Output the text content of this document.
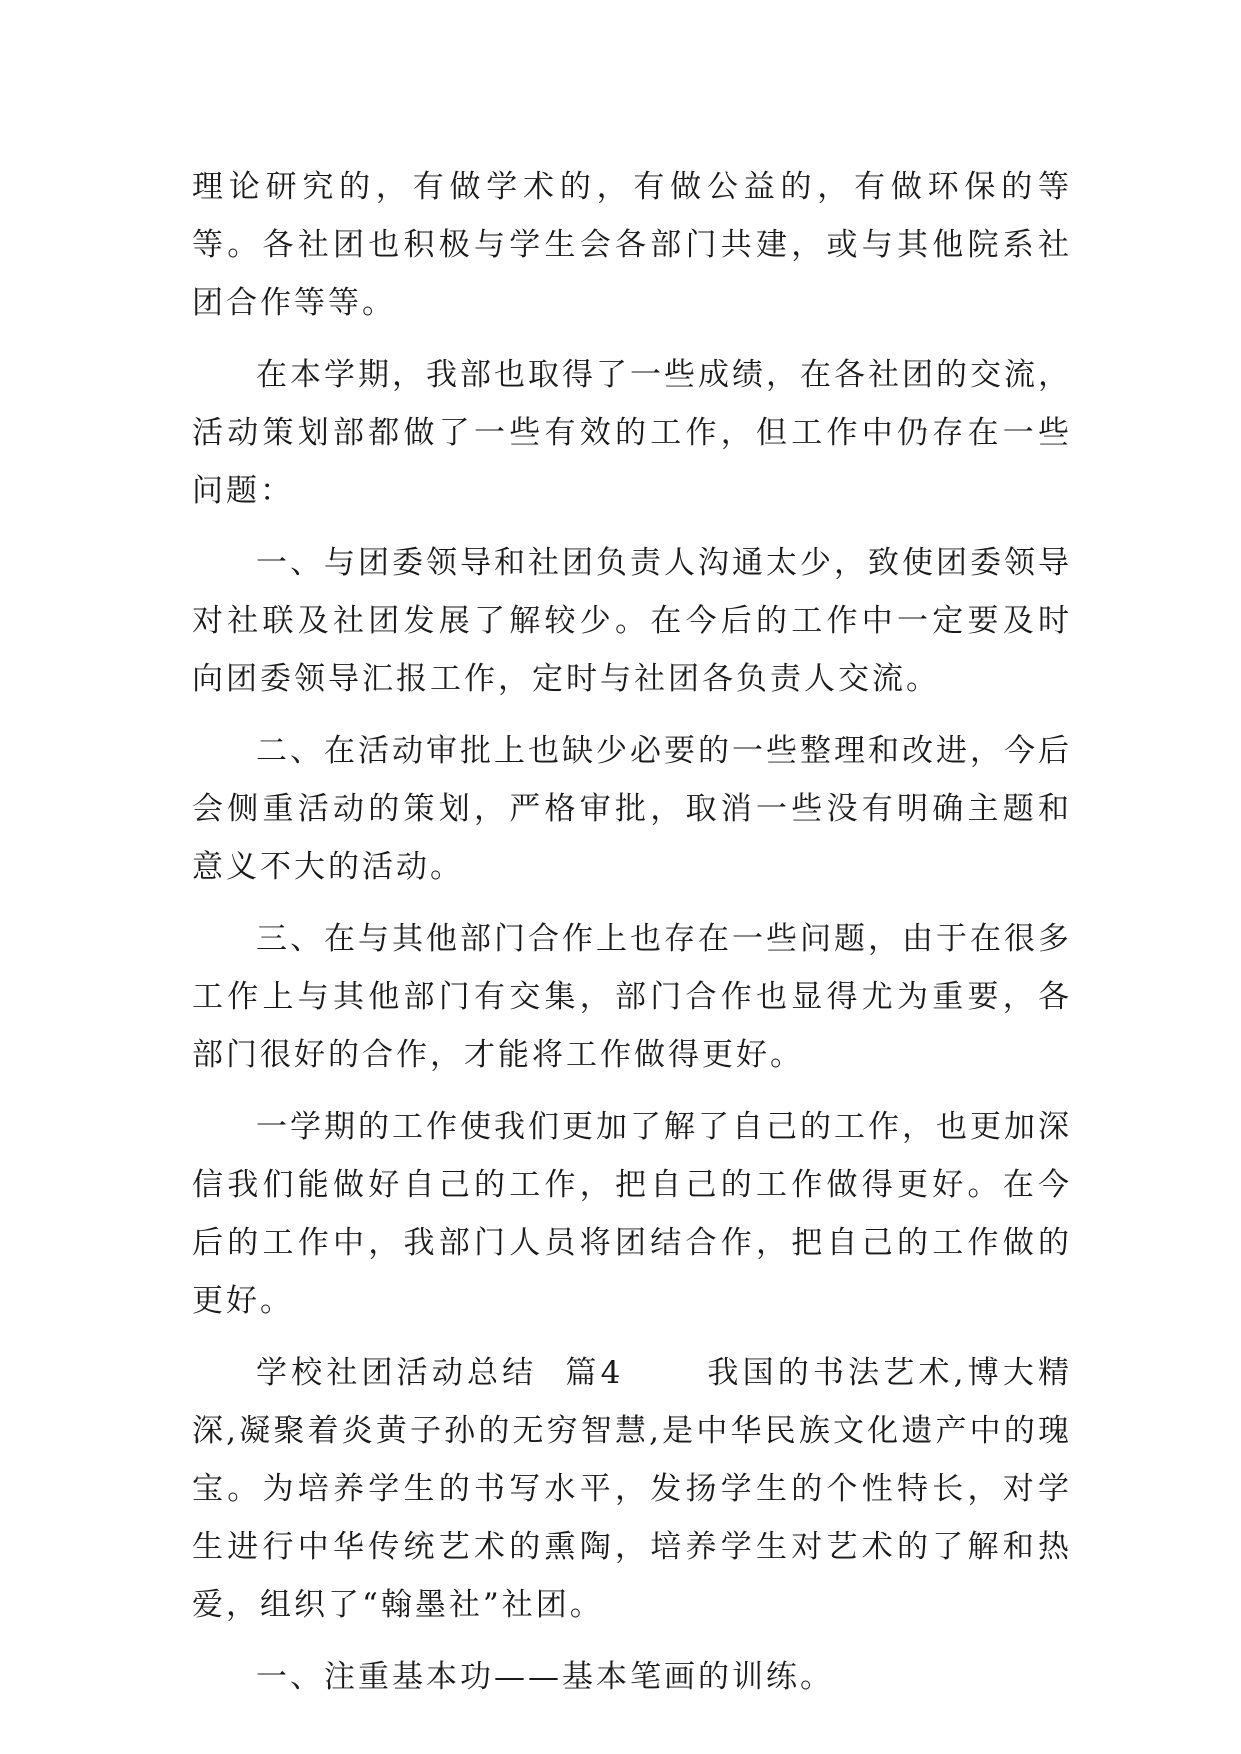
理论研究的，有做学术的，有做公益的，有做环保的等等。各社团也积极与学生会各部门共建，或与其他院系社团合作等等。

在本学期，我部也取得了一些成绩，在各社团的交流，活动策划部都做了一些有效的工作，但工作中仍存在一些问题：

一、与团委领导和社团负责人沟通太少，致使团委领导对社联及社团发展了解较少。在今后的工作中一定要及时向团委领导汇报工作，定时与社团各负责人交流。

二、在活动审批上也缺少必要的一些整理和改进，今后会侧重活动的策划，严格审批，取消一些没有明确主题和意义不大的活动。

三、在与其他部门合作上也存在一些问题，由于在很多工作上与其他部门有交集，部门合作也显得尤为重要，各部门很好的合作，才能将工作做得更好。

一学期的工作使我们更加了解了自己的工作，也更加深信我们能做好自己的工作，把自己的工作做得更好。在今后的工作中，我部门人员将团结合作，把自己的工作做的更好。

学校社团活动总结  篇4      我国的书法艺术,博大精深,凝聚着炎黄子孙的无穷智慧,是中华民族文化遗产中的瑰宝。为培养学生的书写水平，发扬学生的个性特长，对学生进行中华传统艺术的熏陶，培养学生对艺术的了解和热爱，组织了“翰墨社”社团。

一、注重基本功——基本笔画的训练。
